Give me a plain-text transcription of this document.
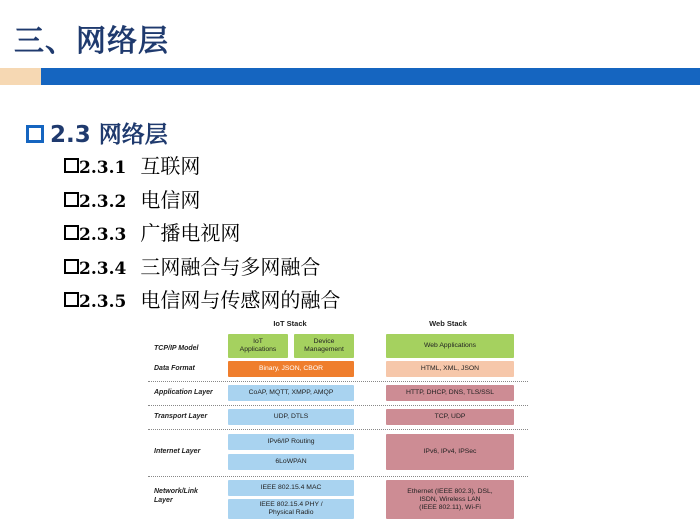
三、网络层
2.3 网络层
2.3.1 互联网
2.3.2 电信网
2.3.3 广播电视网
2.3.4 三网融合与多网融合
2.3.5 电信网与传感网的融合
IoT Stack	Web Stack
TCP/IP Model
Data Format
Application Layer
Transport Layer
Internet Layer
Network/Link
Layer
IoT
Applications
Device
Management
Binary, JSON, CBOR
CoAP, MQTT, XMPP, AMQP
UDP, DTLS
IPv6/IP Routing
6LoWPAN
IEEE 802.15.4 MAC
IEEE 802.15.4 PHY /
Physical Radio
Web Applications
HTML, XML, JSON
HTTP, DHCP, DNS, TLS/SSL
TCP, UDP
IPv6, IPv4, IPSec
Ethernet (IEEE 802.3), DSL,
ISDN, Wireless LAN
(IEEE 802.11), Wi-Fi
